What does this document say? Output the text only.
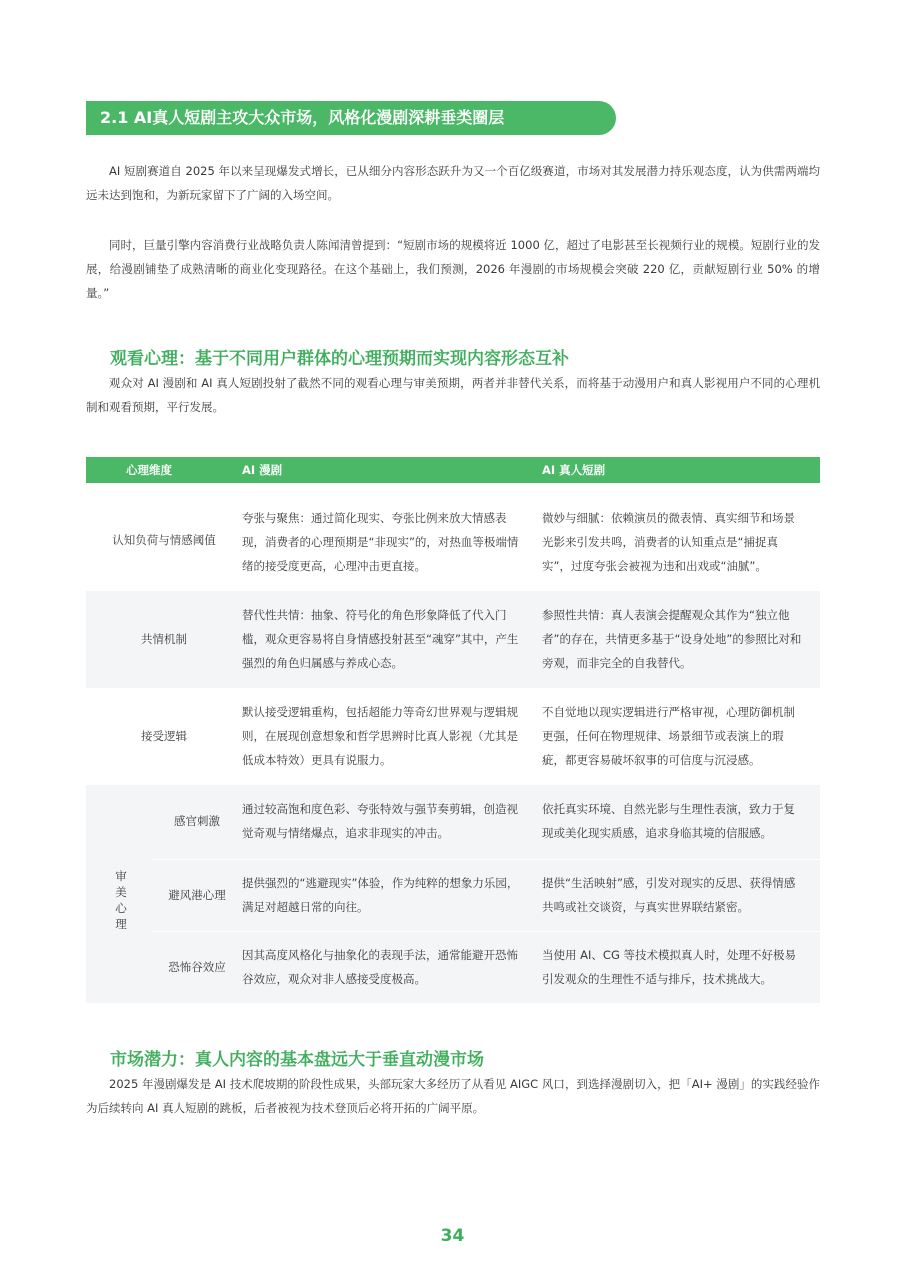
2.1 AI真人短剧主攻大众市场，风格化漫剧深耕垂类圈层

AI 短剧赛道自 2025 年以来呈现爆发式增长，已从细分内容形态跃升为又一个百亿级赛道，市场对其发展潜力持乐观态度，认为供需两端均远未达到饱和，为新玩家留下了广阔的入场空间。

同时，巨量引擎内容消费行业战略负责人陈闻清曾提到：“短剧市场的规模将近 1000 亿，超过了电影甚至长视频行业的规模。短剧行业的发展，给漫剧铺垫了成熟清晰的商业化变现路径。在这个基础上，我们预测，2026 年漫剧的市场规模会突破 220 亿，贡献短剧行业 50% 的增量。”

观看心理：基于不同用户群体的心理预期而实现内容形态互补

观众对 AI 漫剧和 AI 真人短剧投射了截然不同的观看心理与审美预期，两者并非替代关系，而将基于动漫用户和真人影视用户不同的心理机制和观看预期，平行发展。

心理维度	AI 漫剧	AI 真人短剧
认知负荷与情感阈值
夸张与聚焦：通过简化现实、夸张比例来放大情感表现，消费者的心理预期是“非现实”的，对热血等极端情绪的接受度更高，心理冲击更直接。
微妙与细腻：依赖演员的微表情、真实细节和场景光影来引发共鸣，消费者的认知重点是“捕捉真实”，过度夸张会被视为违和出戏或“油腻”。
共情机制
替代性共情：抽象、符号化的角色形象降低了代入门槛，观众更容易将自身情感投射甚至“魂穿”其中，产生强烈的角色归属感与养成心态。
参照性共情：真人表演会提醒观众其作为“独立他者”的存在，共情更多基于“设身处地”的参照比对和旁观，而非完全的自我替代。
接受逻辑
默认接受逻辑重构，包括超能力等奇幻世界观与逻辑规则，在展现创意想象和哲学思辨时比真人影视（尤其是低成本特效）更具有说服力。
不自觉地以现实逻辑进行严格审视，心理防御机制更强，任何在物理规律、场景细节或表演上的瑕疵，都更容易破坏叙事的可信度与沉浸感。
审美心理
感官刺激
通过较高饱和度色彩、夸张特效与强节奏剪辑，创造视觉奇观与情绪爆点，追求非现实的冲击。
依托真实环境、自然光影与生理性表演，致力于复现或美化现实质感，追求身临其境的信服感。
避风港心理
提供强烈的“逃避现实”体验，作为纯粹的想象力乐园，满足对超越日常的向往。
提供“生活映射”感，引发对现实的反思、获得情感共鸣或社交谈资，与真实世界联结紧密。
恐怖谷效应
因其高度风格化与抽象化的表现手法，通常能避开恐怖谷效应，观众对非人感接受度极高。
当使用 AI、CG 等技术模拟真人时，处理不好极易引发观众的生理性不适与排斥，技术挑战大。
市场潜力：真人内容的基本盘远大于垂直动漫市场

2025 年漫剧爆发是 AI 技术爬坡期的阶段性成果，头部玩家大多经历了从看见 AIGC 风口，到选择漫剧切入，把「AI+ 漫剧」的实践经验作为后续转向 AI 真人短剧的跳板，后者被视为技术登顶后必将开拓的广阔平原。

34
